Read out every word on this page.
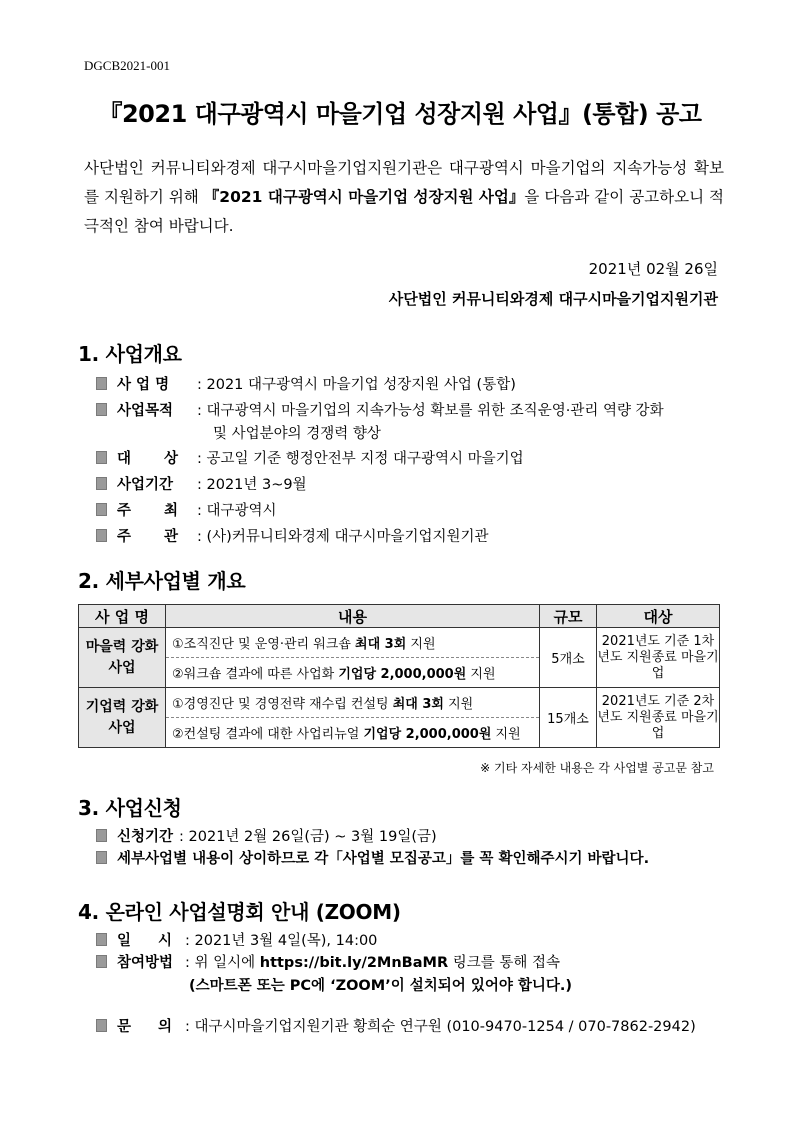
DGCB2021-001
『2021 대구광역시 마을기업 성장지원 사업』(통합) 공고
사단법인 커뮤니티와경제 대구시마을기업지원기관은 대구광역시 마을기업의 지속가능성 확보를 지원하기 위해 『2021 대구광역시 마을기업 성장지원 사업』을 다음과 같이 공고하오니 적극적인 참여 바랍니다.
2021년 02월 26일
사단법인 커뮤니티와경제 대구시마을기업지원기관
1. 사업개요
사 업 명 : 2021 대구광역시 마을기업 성장지원 사업 (통합)
사업목적 : 대구광역시 마을기업의 지속가능성 확보를 위한 조직운영·관리 역량 강화
및 사업분야의 경쟁력 향상
대 상 : 공고일 기준 행정안전부 지정 대구광역시 마을기업
사업기간 : 2021년 3~9월
주 최 : 대구광역시
주 관 : (사)커뮤니티와경제 대구시마을기업지원기관
2. 세부사업별 개요
사 업 명	내용	규모	대상
마을력 강화 사업	①조직진단 및 운영·관리 워크숍 최대 3회 지원	5개소	2021년도 기준 1차년도 지원종료 마을기업
	②워크숍 결과에 따른 사업화 기업당 2,000,000원 지원		
기업력 강화 사업	①경영진단 및 경영전략 재수립 컨설팅 최대 3회 지원	15개소	2021년도 기준 2차년도 지원종료 마을기업
	②컨설팅 결과에 대한 사업리뉴얼 기업당 2,000,000원 지원		
※ 기타 자세한 내용은 각 사업별 공고문 참고
3. 사업신청
신청기간 : 2021년 2월 26일(금) ~ 3월 19일(금)
세부사업별 내용이 상이하므로 각「사업별 모집공고」를 꼭 확인해주시기 바랍니다.
4. 온라인 사업설명회 안내 (ZOOM)
일 시 : 2021년 3월 4일(목), 14:00
참여방법 : 위 일시에 https://bit.ly/2MnBaMR 링크를 통해 접속
(스마트폰 또는 PC에 ‘ZOOM’이 설치되어 있어야 합니다.)
문 의 : 대구시마을기업지원기관 황희순 연구원 (010-9470-1254 / 070-7862-2942)
